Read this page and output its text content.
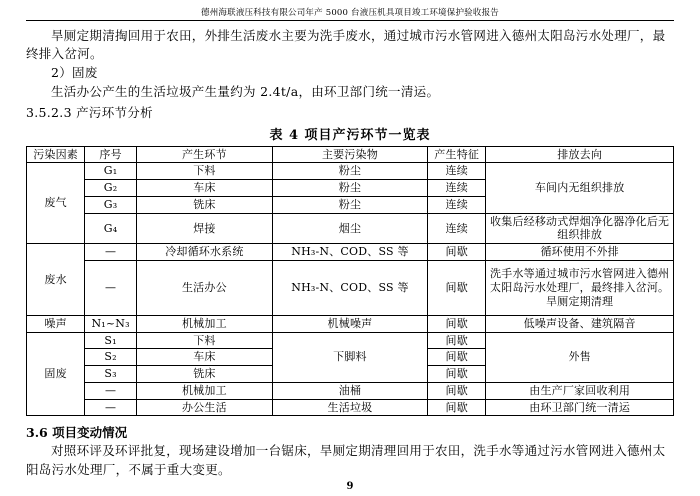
德州海联液压科技有限公司年产 5000 台液压机具项目竣工环境保护验收报告

旱厕定期清掏回用于农田，外排生活废水主要为洗手废水，通过城市污水管网进入德州太阳岛污水处理厂，最终排入岔河。

2）固废

生活办公产生的生活垃圾产生量约为 2.4t/a，由环卫部门统一清运。

3.5.2.3 产污环节分析

表 4 项目产污环节一览表
污染因素	序号	产生环节	主要污染物	产生特征	排放去向
废气	G₁	下料	粉尘	连续	车间内无组织排放
	G₂	车床	粉尘	连续	
	G₃	铣床	粉尘	连续	
	G₄	焊接	烟尘	连续	收集后经移动式焊烟净化器净化后无组织排放
废水	—	冷却循环水系统	NH₃-N、COD、SS 等	间歇	循环使用不外排
	—	生活办公	NH₃-N、COD、SS 等	间歇	洗手水等通过城市污水管网进入德州太阳岛污水处理厂，最终排入岔河。旱厕定期清理
噪声	N₁~N₃	机械加工	机械噪声	间歇	低噪声设备、建筑隔音
固废	S₁	下料	下脚料	间歇	外售
	S₂	车床		间歇	
	S₃	铣床		间歇	
	—	机械加工	油桶	间歇	由生产厂家回收利用
	—	办公生活	生活垃圾	间歇	由环卫部门统一清运

3.6 项目变动情况

对照环评及环评批复，现场建设增加一台锯床，旱厕定期清理回用于农田，洗手水等通过污水管网进入德州太阳岛污水处理厂，不属于重大变更。

9
